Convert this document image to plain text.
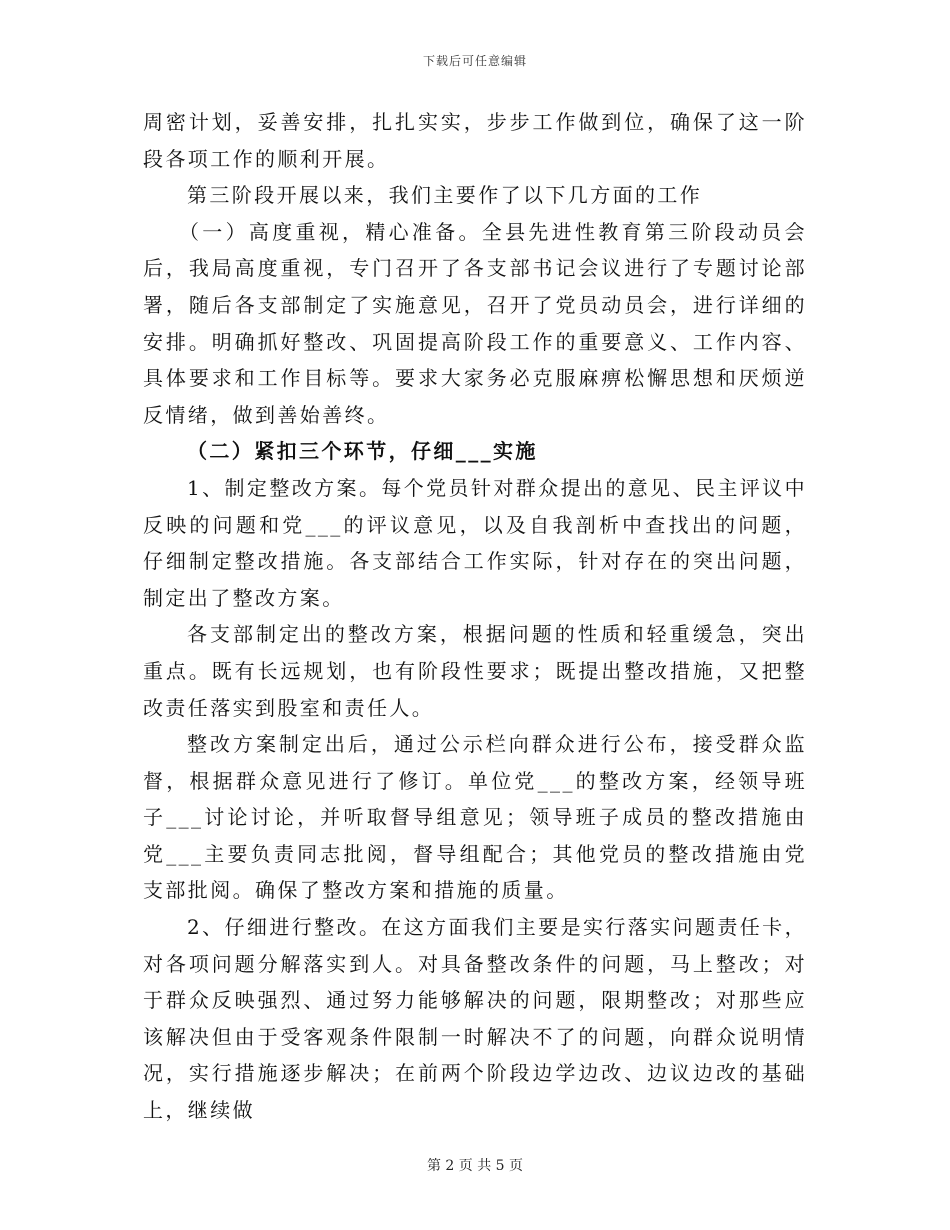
下载后可任意编辑

周密计划，妥善安排，扎扎实实，步步工作做到位，确保了这一阶段各项工作的顺利开展。

第三阶段开展以来，我们主要作了以下几方面的工作

（一）高度重视，精心准备。全县先进性教育第三阶段动员会后，我局高度重视，专门召开了各支部书记会议进行了专题讨论部署，随后各支部制定了实施意见，召开了党员动员会，进行详细的安排。明确抓好整改、巩固提高阶段工作的重要意义、工作内容、具体要求和工作目标等。要求大家务必克服麻痹松懈思想和厌烦逆反情绪，做到善始善终。

（二）紧扣三个环节，仔细___实施

1、制定整改方案。每个党员针对群众提出的意见、民主评议中反映的问题和党___的评议意见，以及自我剖析中查找出的问题，仔细制定整改措施。各支部结合工作实际，针对存在的突出问题，制定出了整改方案。

各支部制定出的整改方案，根据问题的性质和轻重缓急，突出重点。既有长远规划，也有阶段性要求；既提出整改措施，又把整改责任落实到股室和责任人。

整改方案制定出后，通过公示栏向群众进行公布，接受群众监督，根据群众意见进行了修订。单位党___的整改方案，经领导班子___讨论讨论，并听取督导组意见；领导班子成员的整改措施由党___主要负责同志批阅，督导组配合；其他党员的整改措施由党支部批阅。确保了整改方案和措施的质量。

2、仔细进行整改。在这方面我们主要是实行落实问题责任卡，对各项问题分解落实到人。对具备整改条件的问题，马上整改；对于群众反映强烈、通过努力能够解决的问题，限期整改；对那些应该解决但由于受客观条件限制一时解决不了的问题，向群众说明情况，实行措施逐步解决；在前两个阶段边学边改、边议边改的基础上，继续做

第 2 页 共 5 页
